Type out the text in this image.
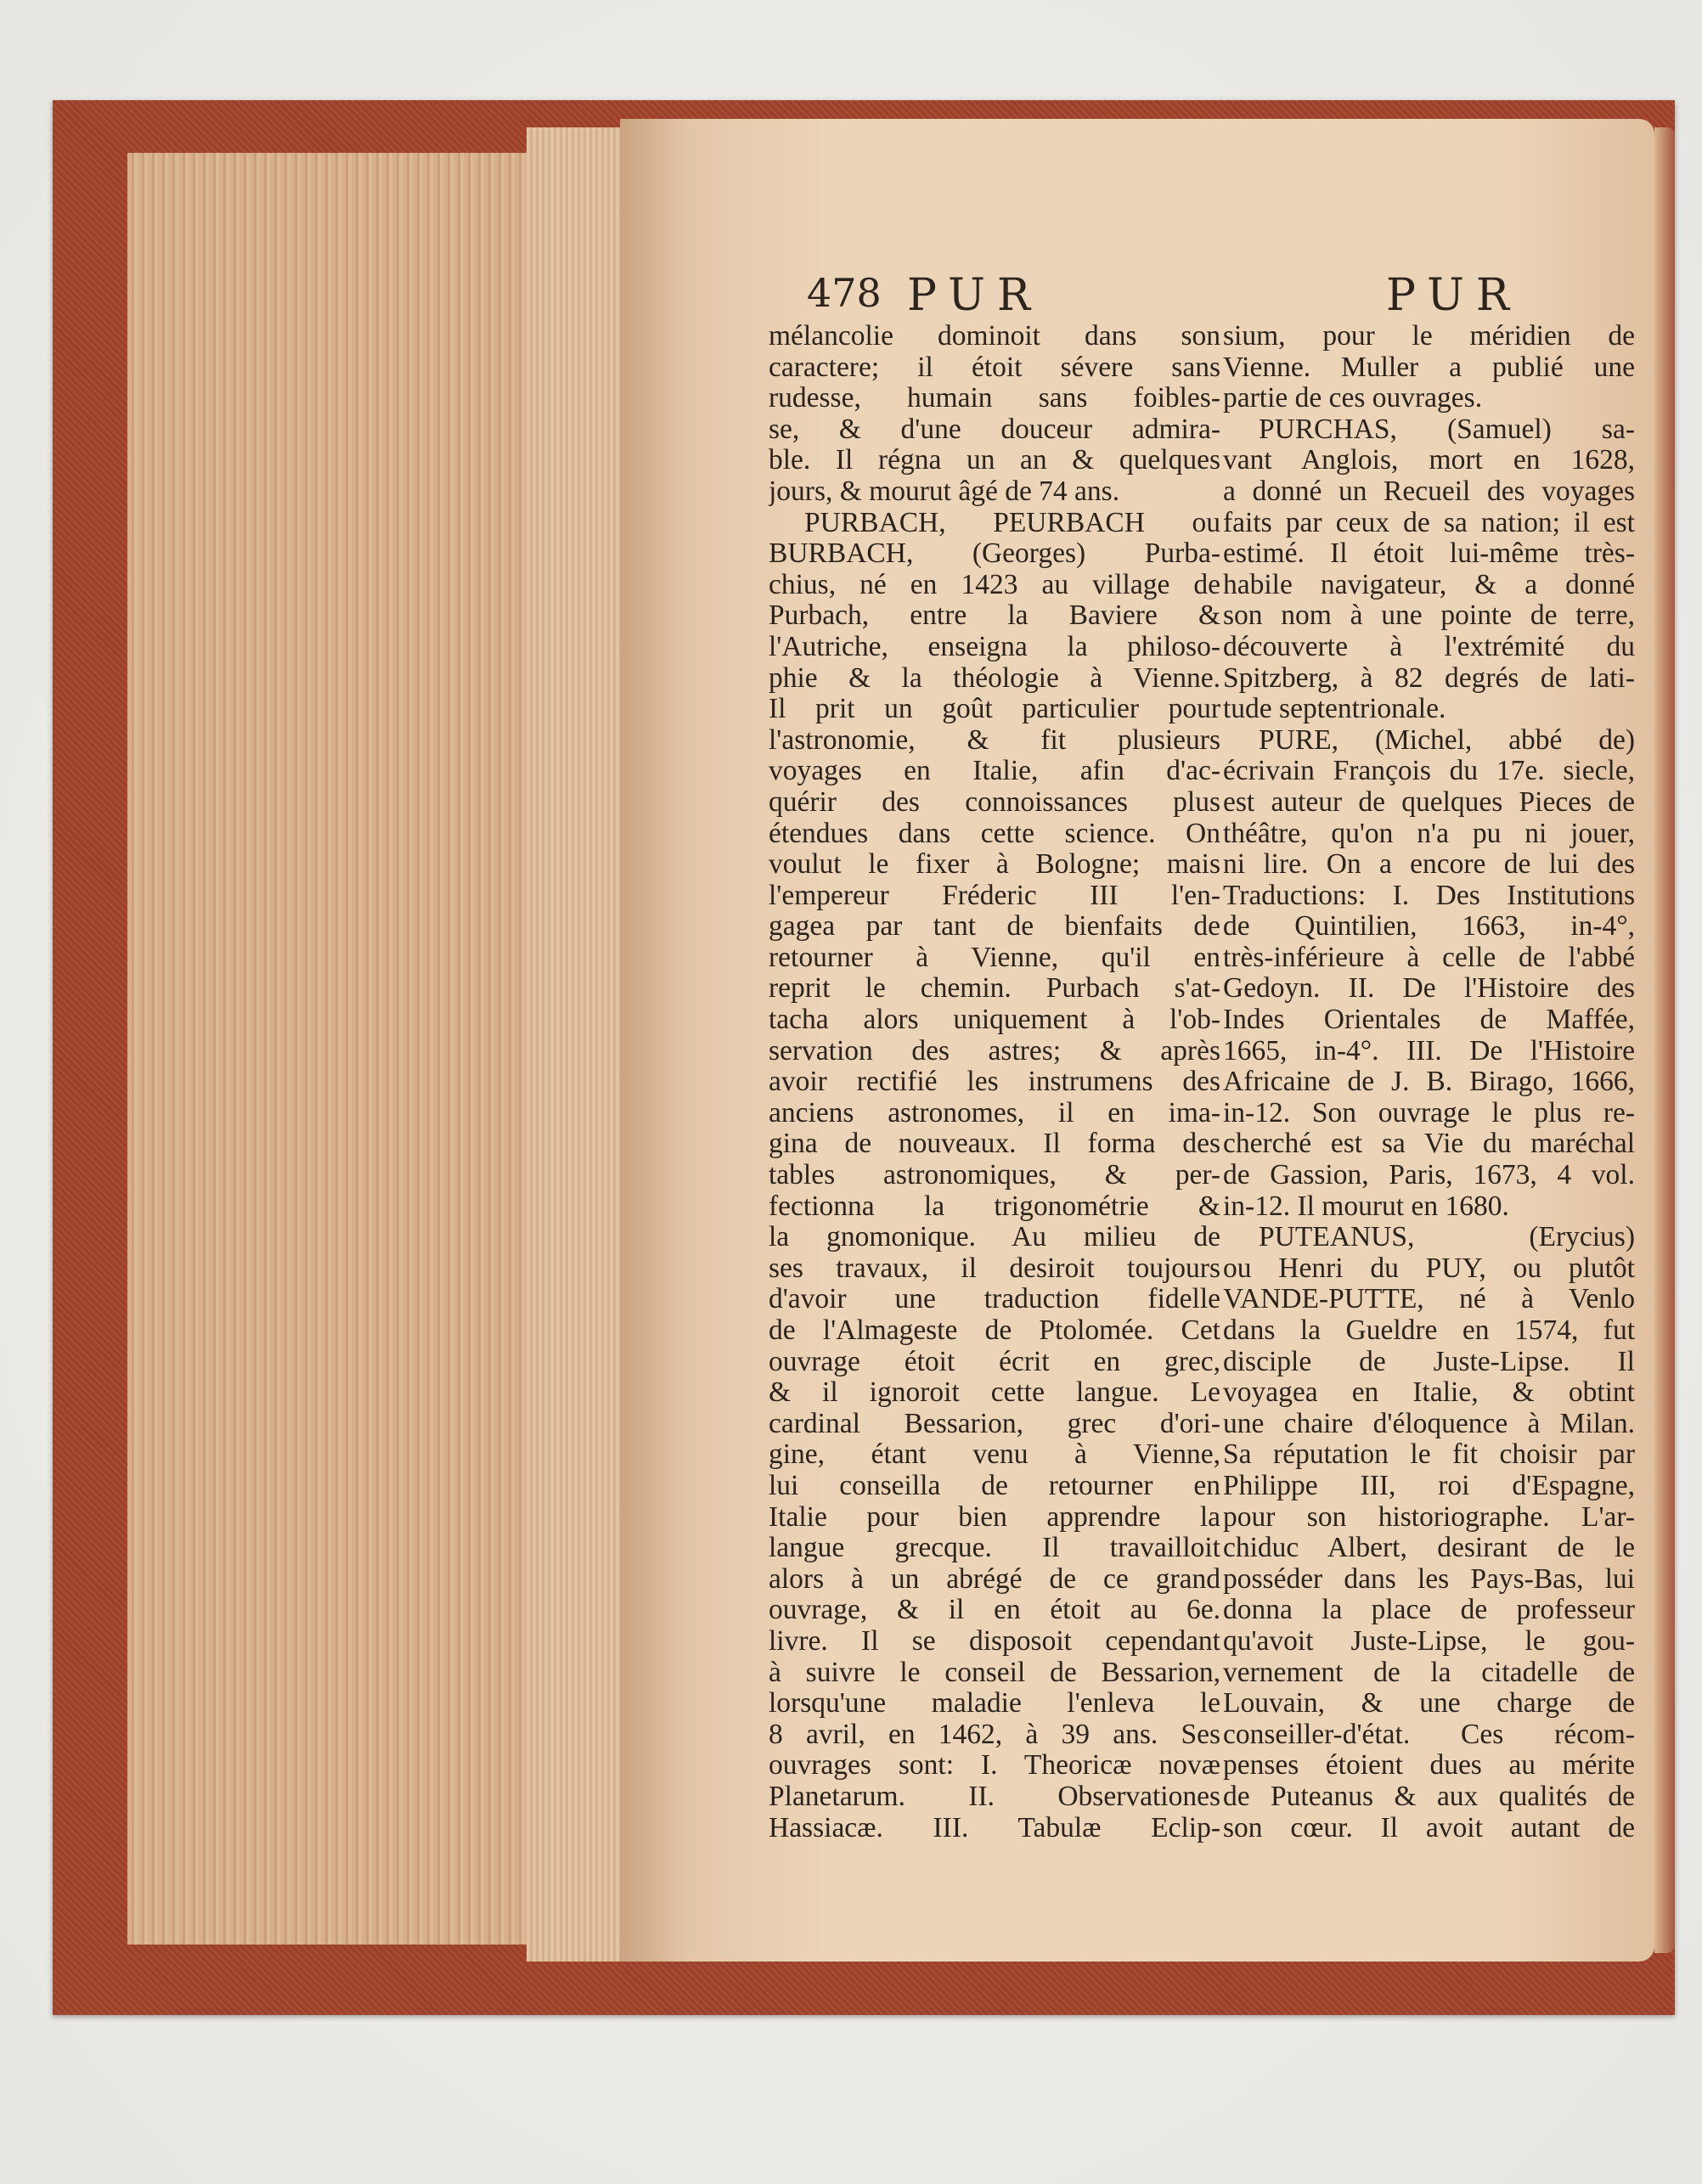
478 PUR	PUR
mélancolie dominoit dans son
caractere; il étoit sévere sans
rudesse, humain sans foibles-
se, & d'une douceur admira-
ble. Il régna un an & quelques
jours, & mourut âgé de 74 ans.
PURBACH, PEURBACH ou
BURBACH, (Georges) Purba-
chius, né en 1423 au village de
Purbach, entre la Baviere &
l'Autriche, enseigna la philoso-
phie & la théologie à Vienne.
Il prit un goût particulier pour
l'astronomie, & fit plusieurs
voyages en Italie, afin d'ac-
quérir des connoissances plus
étendues dans cette science. On
voulut le fixer à Bologne; mais
l'empereur Fréderic III l'en-
gagea par tant de bienfaits de
retourner à Vienne, qu'il en
reprit le chemin. Purbach s'at-
tacha alors uniquement à l'ob-
servation des astres; & après
avoir rectifié les instrumens des
anciens astronomes, il en ima-
gina de nouveaux. Il forma des
tables astronomiques, & per-
fectionna la trigonométrie &
la gnomonique. Au milieu de
ses travaux, il desiroit toujours
d'avoir une traduction fidelle
de l'Almageste de Ptolomée. Cet
ouvrage étoit écrit en grec,
& il ignoroit cette langue. Le
cardinal Bessarion, grec d'ori-
gine, étant venu à Vienne,
lui conseilla de retourner en
Italie pour bien apprendre la
langue grecque. Il travailloit
alors à un abrégé de ce grand
ouvrage, & il en étoit au 6e.
livre. Il se disposoit cependant
à suivre le conseil de Bessarion,
lorsqu'une maladie l'enleva le
8 avril, en 1462, à 39 ans. Ses
ouvrages sont: I. Theoricæ novæ
Planetarum. II. Observationes
Hassiacæ. III. Tabulæ Eclip-
sium, pour le méridien de
Vienne. Muller a publié une
partie de ces ouvrages.
PURCHAS, (Samuel) sa-
vant Anglois, mort en 1628,
a donné un Recueil des voyages
faits par ceux de sa nation; il est
estimé. Il étoit lui-même très-
habile navigateur, & a donné
son nom à une pointe de terre,
découverte à l'extrémité du
Spitzberg, à 82 degrés de lati-
tude septentrionale.
PURE, (Michel, abbé de)
écrivain François du 17e. siecle,
est auteur de quelques Pieces de
théâtre, qu'on n'a pu ni jouer,
ni lire. On a encore de lui des
Traductions: I. Des Institutions
de Quintilien, 1663, in-4°,
très-inférieure à celle de l'abbé
Gedoyn. II. De l'Histoire des
Indes Orientales de Maffée,
1665, in-4°. III. De l'Histoire
Africaine de J. B. Birago, 1666,
in-12. Son ouvrage le plus re-
cherché est sa Vie du maréchal
de Gassion, Paris, 1673, 4 vol.
in-12. Il mourut en 1680.
PUTEANUS, (Erycius)
ou Henri du PUY, ou plutôt
VANDE-PUTTE, né à Venlo
dans la Gueldre en 1574, fut
disciple de Juste-Lipse. Il
voyagea en Italie, & obtint
une chaire d'éloquence à Milan.
Sa réputation le fit choisir par
Philippe III, roi d'Espagne,
pour son historiographe. L'ar-
chiduc Albert, desirant de le
posséder dans les Pays-Bas, lui
donna la place de professeur
qu'avoit Juste-Lipse, le gou-
vernement de la citadelle de
Louvain, & une charge de
conseiller-d'état. Ces récom-
penses étoient dues au mérite
de Puteanus & aux qualités de
son cœur. Il avoit autant de
